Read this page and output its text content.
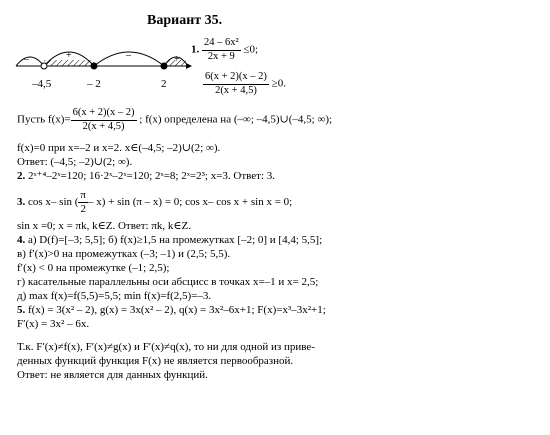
Вариант 35.
–	+	–	+
–4,5	– 2	2
1. $\frac{\text{24 – 6x²}}{2x + 9} \le 0$;
$\frac{6(x + 2)(x - 2)}{2(x + 4,5)} \ge 0$.
Пусть $f(x)= \frac{6(x + 2)(x - 2)}{2(x + 4,5)}$ ; f(x) определена на (–∞; –4,5)∪(–4,5; ∞);
f(x)=0 при x=–2 и x=2. x∈(–4,5; –2)∪(2; ∞).
Ответ: (–4,5; –2)∪(2; ∞).
2. 2ˣ⁺⁴–2ˣ=120; 16·2ˣ–2ˣ=120; 2ˣ=8; 2ˣ=2³; x=3. Ответ: 3.
3. cos x– sin ( $\frac{\pi}{2} - x) + \sin (\pi - x) = 0$; cos x– cos x + sin x = 0;
sin x =0; x = πk, k∈Z. Ответ: πk, k∈Z.
4. а) D(f)=[–3; 5,5]; б) f(x)≥1,5 на промежутках [–2; 0] и [4,4; 5,5];
в) f′(x)>0 на промежутках (–3; –1) и (2,5; 5,5).
f′(x) < 0 на промежутке (–1; 2,5);
г) касательные параллельны оси абсцисс в точках x=–1 и x= 2,5;
д) max f(x)=f(5,5)=5,5; min f(x)=f(2,5)=–3.
5. f(x) = 3(x² – 2), g(x) = 3x(x² – 2), q(x) = 3x²–6x+1; F(x)=x³–3x²+1;
F′(x) = 3x² – 6x.
Т.к. F′(x)≠f(x), F′(x)≠g(x) и F′(x)≠q(x), то ни для одной из приве-
денных функций функция F(x) не является первообразной.
Ответ: не является для данных функций.
